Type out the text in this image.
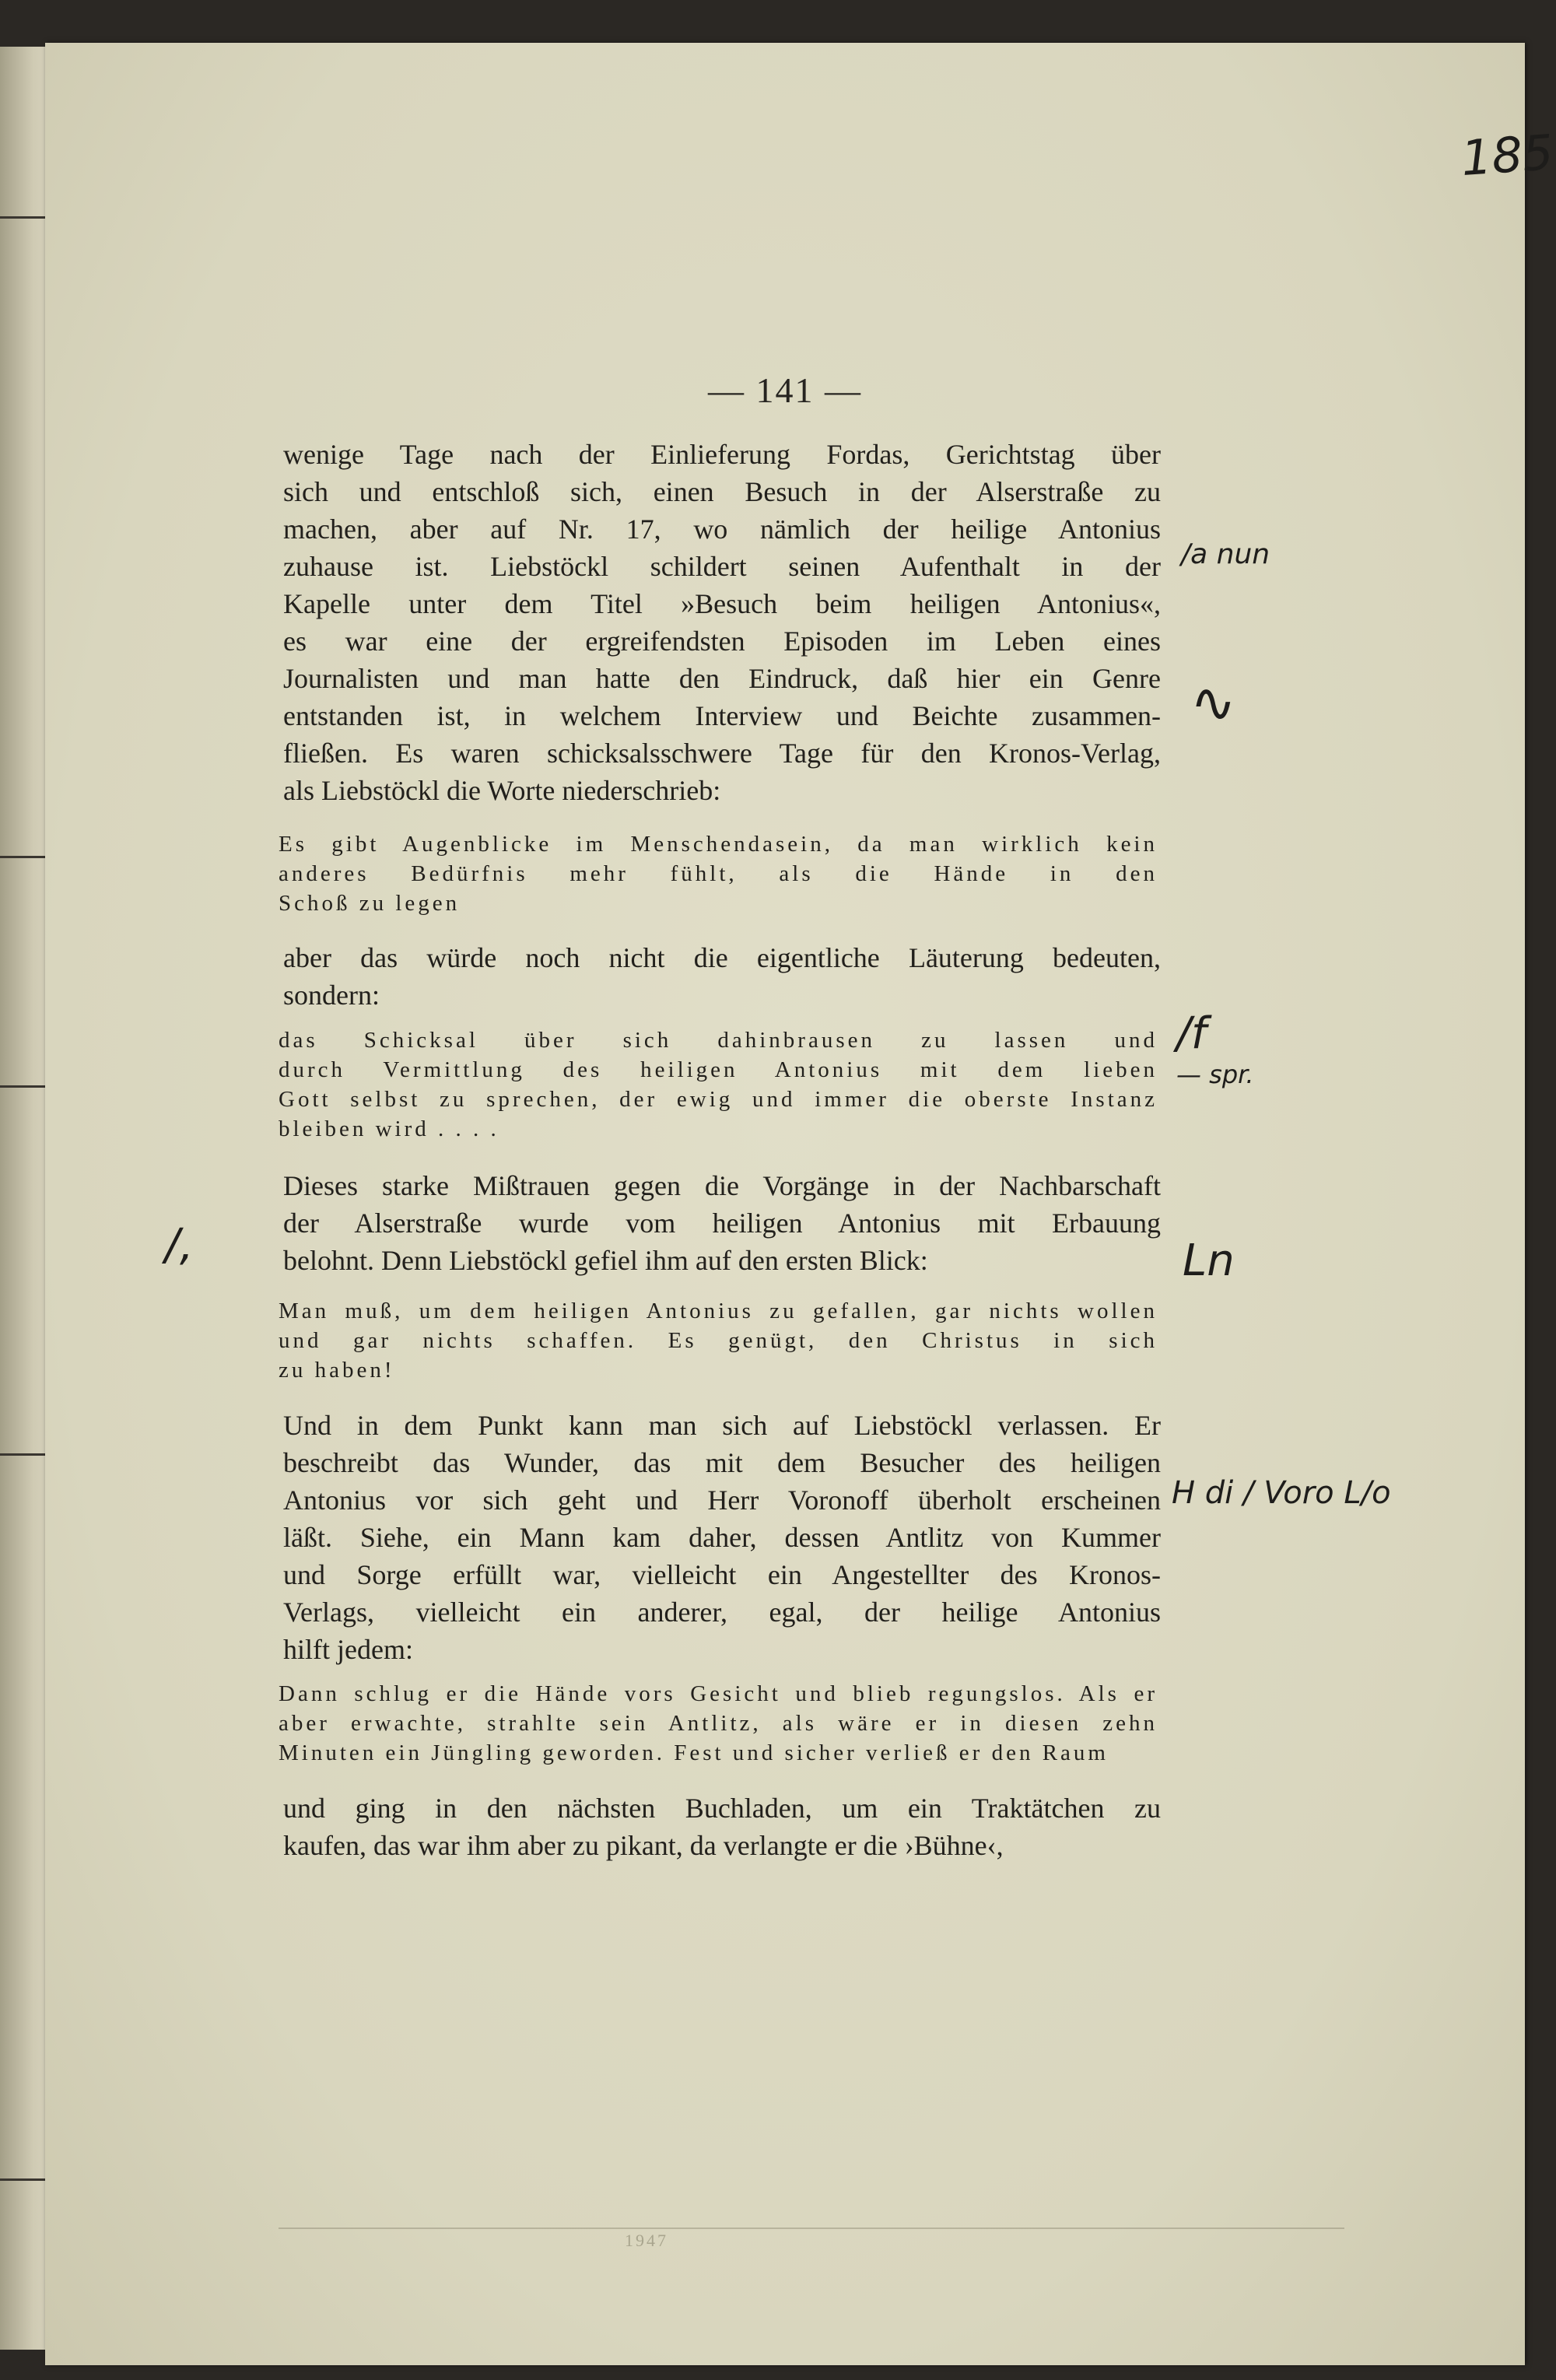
185
— 141 —
wenige Tage nach der Einlieferung Fordas, Gerichtstag über
sich und entschloß sich, einen Besuch in der Alserstraße zu
machen, aber auf Nr. 17, wo nämlich der heilige Antonius
zuhause ist. Liebstöckl schildert seinen Aufenthalt in der
Kapelle unter dem Titel »Besuch beim heiligen Antonius«,
es war eine der ergreifendsten Episoden im Leben eines
Journalisten und man hatte den Eindruck, daß hier ein Genre
entstanden ist, in welchem Interview und Beichte zusammen-
fließen. Es waren schicksalsschwere Tage für den Kronos-Verlag,
als Liebstöckl die Worte niederschrieb:
Es gibt Augenblicke im Menschendasein, da man wirklich kein
anderes Bedürfnis mehr fühlt, als die Hände in den
Schoß zu legen
aber das würde noch nicht die eigentliche Läuterung bedeuten,
sondern:
das Schicksal über sich dahinbrausen zu lassen und
durch Vermittlung des heiligen Antonius mit dem lieben
Gott selbst zu sprechen, der ewig und immer die oberste Instanz
bleiben wird . . . .
Dieses starke Mißtrauen gegen die Vorgänge in der Nachbarschaft
der Alserstraße wurde vom heiligen Antonius mit Erbauung
belohnt. Denn Liebstöckl gefiel ihm auf den ersten Blick:
Man muß, um dem heiligen Antonius zu gefallen, gar nichts wollen
und gar nichts schaffen. Es genügt, den Christus in sich
zu haben!
Und in dem Punkt kann man sich auf Liebstöckl verlassen. Er
beschreibt das Wunder, das mit dem Besucher des heiligen
Antonius vor sich geht und Herr Voronoff überholt erscheinen
läßt. Siehe, ein Mann kam daher, dessen Antlitz von Kummer
und Sorge erfüllt war, vielleicht ein Angestellter des Kronos-
Verlags, vielleicht ein anderer, egal, der heilige Antonius
hilft jedem:
Dann schlug er die Hände vors Gesicht und blieb regungslos. Als er
aber erwachte, strahlte sein Antlitz, als wäre er in diesen zehn
Minuten ein Jüngling geworden. Fest und sicher verließ er den Raum
und ging in den nächsten Buchladen, um ein Traktätchen zu
kaufen, das war ihm aber zu pikant, da verlangte er die ›Bühne‹,
/a nun
∿
/f
— spr.
/,	Ln
H di / Voro L/o
1947
